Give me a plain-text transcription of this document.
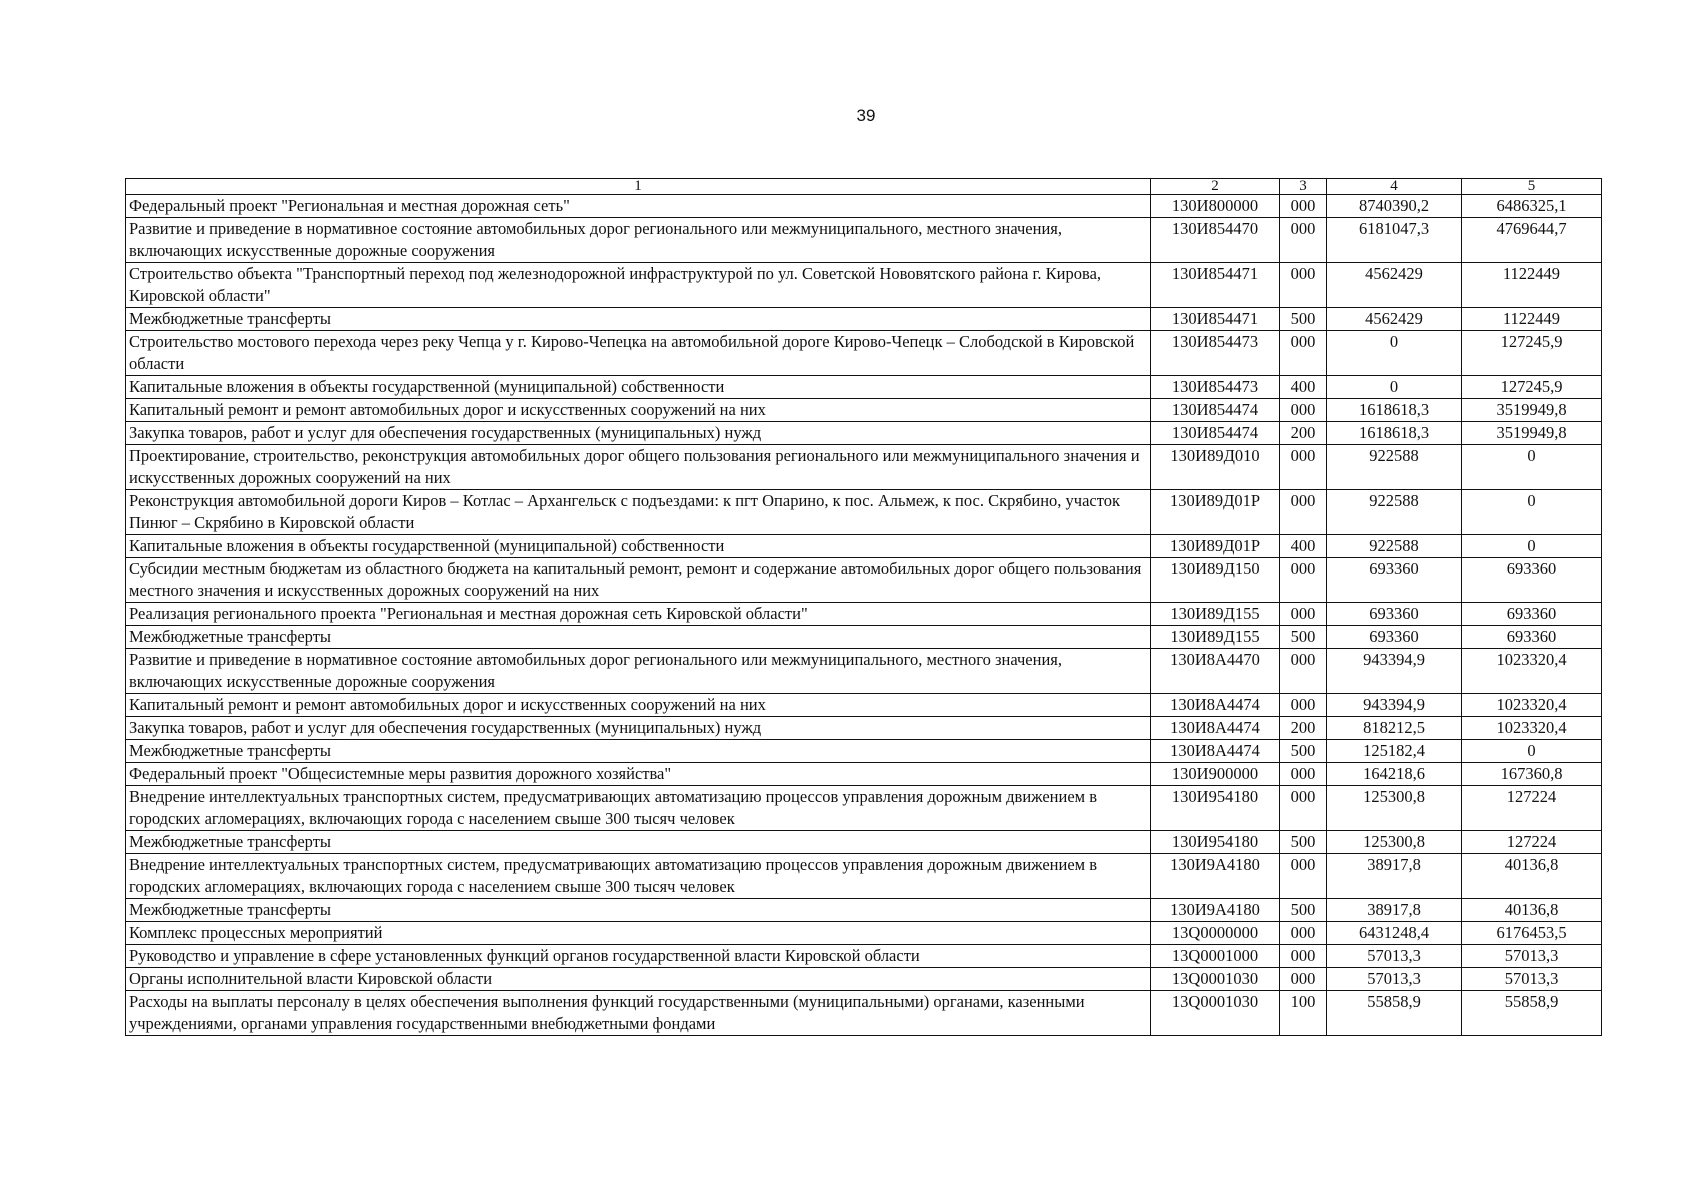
39
1	2	3	4	5
Федеральный проект "Региональная и местная дорожная сеть"	130И800000	000	8740390,2	6486325,1
Развитие и приведение в нормативное состояние автомобильных дорог регионального или межмуниципального, местного значения, включающих искусственные дорожные сооружения	130И854470	000	6181047,3	4769644,7
Строительство объекта "Транспортный переход под железнодорожной инфраструктурой по ул. Советской Нововятского района г. Кирова, Кировской области"	130И854471	000	4562429	1122449
Межбюджетные трансферты	130И854471	500	4562429	1122449
Строительство мостового перехода через реку Чепца у г. Кирово-Чепецка на автомобильной дороге Кирово-Чепецк – Слободской в Кировской области	130И854473	000	0	127245,9
Капитальные вложения в объекты государственной (муниципальной) собственности	130И854473	400	0	127245,9
Капитальный ремонт и ремонт автомобильных дорог и искусственных сооружений на них	130И854474	000	1618618,3	3519949,8
Закупка товаров, работ и услуг для обеспечения государственных (муниципальных) нужд	130И854474	200	1618618,3	3519949,8
Проектирование, строительство, реконструкция автомобильных дорог общего пользования регионального или межмуниципального значения и искусственных дорожных сооружений на них	130И89Д010	000	922588	0
Реконструкция автомобильной дороги Киров – Котлас – Архангельск с подъездами: к пгт Опарино, к пос. Альмеж, к пос. Скрябино, участок Пинюг – Скрябино в Кировской области	130И89Д01Р	000	922588	0
Капитальные вложения в объекты государственной (муниципальной) собственности	130И89Д01Р	400	922588	0
Субсидии местным бюджетам из областного бюджета на капитальный ремонт, ремонт и содержание автомобильных дорог общего пользования местного значения и искусственных дорожных сооружений на них	130И89Д150	000	693360	693360
Реализация регионального проекта "Региональная и местная дорожная сеть Кировской области"	130И89Д155	000	693360	693360
Межбюджетные трансферты	130И89Д155	500	693360	693360
Развитие и приведение в нормативное состояние автомобильных дорог регионального или межмуниципального, местного значения, включающих искусственные дорожные сооружения	130И8А4470	000	943394,9	1023320,4
Капитальный ремонт и ремонт автомобильных дорог и искусственных сооружений на них	130И8А4474	000	943394,9	1023320,4
Закупка товаров, работ и услуг для обеспечения государственных (муниципальных) нужд	130И8А4474	200	818212,5	1023320,4
Межбюджетные трансферты	130И8А4474	500	125182,4	0
Федеральный проект "Общесистемные меры развития дорожного хозяйства"	130И900000	000	164218,6	167360,8
Внедрение интеллектуальных транспортных систем, предусматривающих автоматизацию процессов управления дорожным движением в городских агломерациях, включающих города с населением свыше 300 тысяч человек	130И954180	000	125300,8	127224
Межбюджетные трансферты	130И954180	500	125300,8	127224
Внедрение интеллектуальных транспортных систем, предусматривающих автоматизацию процессов управления дорожным движением в городских агломерациях, включающих города с населением свыше 300 тысяч человек	130И9А4180	000	38917,8	40136,8
Межбюджетные трансферты	130И9А4180	500	38917,8	40136,8
Комплекс процессных мероприятий	13Q0000000	000	6431248,4	6176453,5
Руководство и управление в сфере установленных функций органов государственной власти Кировской области	13Q0001000	000	57013,3	57013,3
Органы исполнительной власти Кировской области	13Q0001030	000	57013,3	57013,3
Расходы на выплаты персоналу в целях обеспечения выполнения функций государственными (муниципальными) органами, казенными учреждениями, органами управления государственными внебюджетными фондами	13Q0001030	100	55858,9	55858,9
